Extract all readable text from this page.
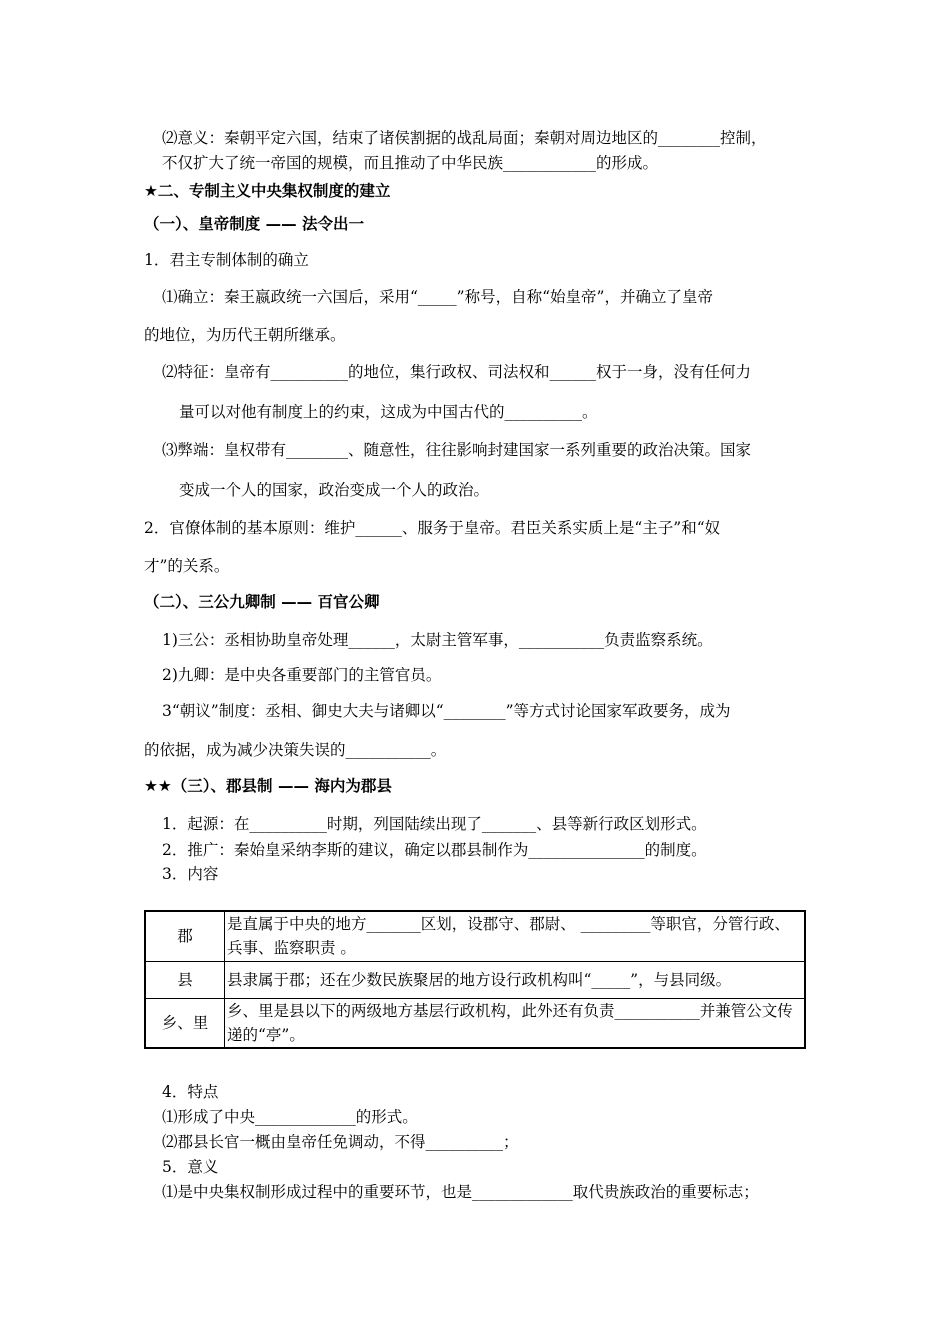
⑵意义：秦朝平定六国，结束了诸侯割据的战乱局面；秦朝对周边地区的________控制，
不仅扩大了统一帝国的规模，而且推动了中华民族____________的形成。
★二、专制主义中央集权制度的建立
（一）、皇帝制度 —— 法令出一
1．君主专制体制的确立
⑴确立：秦王嬴政统一六国后，采用“_____”称号，自称“始皇帝”，并确立了皇帝
的地位，为历代王朝所继承。
⑵特征：皇帝有__________的地位，集行政权、司法权和______权于一身，没有任何力
量可以对他有制度上的约束，这成为中国古代的__________。
⑶弊端：皇权带有________、随意性，往往影响封建国家一系列重要的政治决策。国家
变成一个人的国家，政治变成一个人的政治。
2．官僚体制的基本原则：维护______、服务于皇帝。君臣关系实质上是“主子”和“奴
才”的关系。
（二）、三公九卿制 —— 百官公卿
1)三公：丞相协助皇帝处理______，太尉主管军事，___________负责监察系统。
2)九卿：是中央各重要部门的主管官员。
3“朝议”制度：丞相、御史大夫与诸卿以“________”等方式讨论国家军政要务，成为
的依据，成为减少决策失误的___________。
★★（三）、郡县制 —— 海内为郡县
1．起源：在__________时期，列国陆续出现了_______、县等新行政区划形式。
2．推广：秦始皇采纳李斯的建议，确定以郡县制作为_______________的制度。
3．内容
郡	是直属于中央的地方_______区划，设郡守、郡尉、 _________等职官，分管行政、兵事、监察职责 。
县	县隶属于郡；还在少数民族聚居的地方设行政机构叫“_____”，与县同级。
乡、里	乡、里是县以下的两级地方基层行政机构，此外还有负责___________并兼管公文传递的“亭”。
4．特点
⑴形成了中央_____________的形式。
⑵郡县长官一概由皇帝任免调动，不得__________；
5．意义
⑴是中央集权制形成过程中的重要环节，也是_____________取代贵族政治的重要标志；
